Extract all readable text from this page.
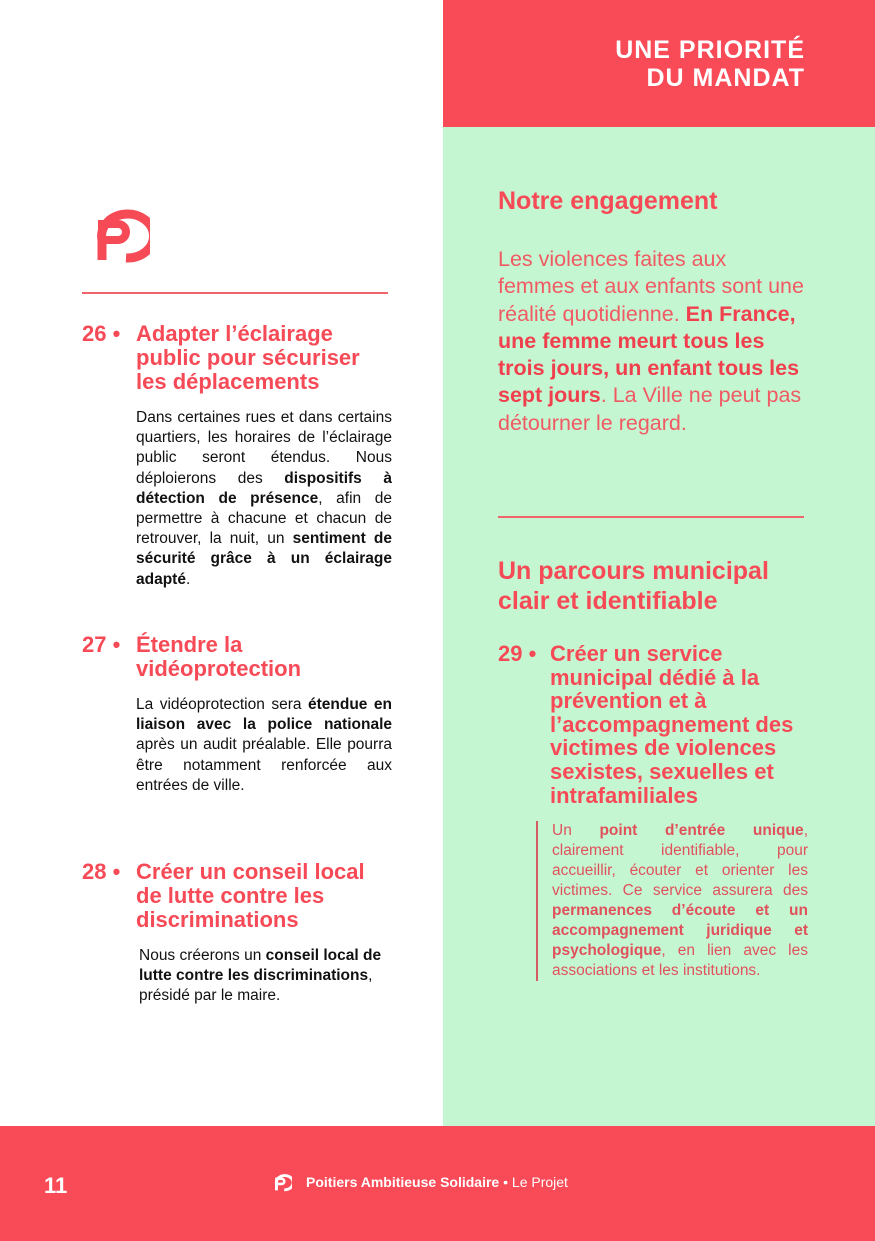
UNE PRIORITÉ
DU MANDAT
26 • Adapter l’éclairage public pour sécuriser les déplacements
Dans certaines rues et dans certains quartiers, les horaires de l’éclairage public seront étendus. Nous déploierons des dispositifs à détection de présence, afin de permettre à chacune et chacun de retrouver, la nuit, un sentiment de sécurité grâce à un éclairage adapté.
27 • Étendre la vidéoprotection
La vidéoprotection sera étendue en liaison avec la police nationale après un audit préalable. Elle pourra être notamment renforcée aux entrées de ville.
28 • Créer un conseil local de lutte contre les discriminations
Nous créerons un conseil local de lutte contre les discriminations, présidé par le maire.
Notre engagement
Les violences faites aux femmes et aux enfants sont une réalité quotidienne. En France, une femme meurt tous les trois jours, un enfant tous les sept jours. La Ville ne peut pas détourner le regard.
Un parcours municipal clair et identifiable
29 • Créer un service municipal dédié à la prévention et à l’accompagnement des victimes de violences sexistes, sexuelles et intrafamiliales
Un point d’entrée unique, clairement identifiable, pour accueillir, écouter et orienter les victimes. Ce service assurera des permanences d’écoute et un accompagnement juridique et psychologique, en lien avec les associations et les institutions.
11	Poitiers Ambitieuse Solidaire • Le Projet
